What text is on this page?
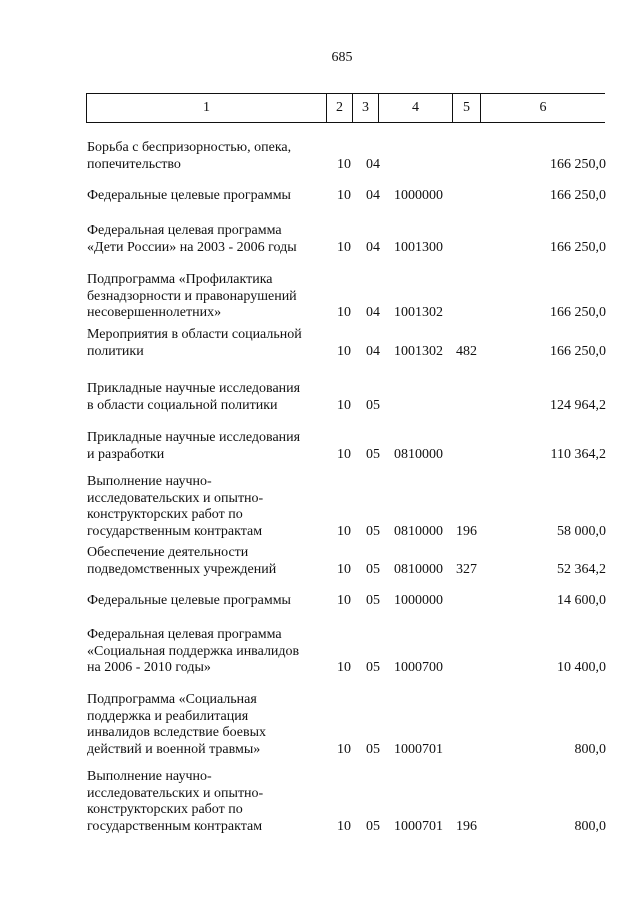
685
1	2	3	4	5	6
Борьба с беспризорностью, опека,
попечительство	10 04	166 250,0
Федеральные целевые программы	10 04 1000000	166 250,0
Федеральная целевая программа
«Дети России» на 2003 - 2006 годы	10 04 1001300	166 250,0
Подпрограмма «Профилактика
безнадзорности и правонарушений
несовершеннолетних»	10 04 1001302	166 250,0
Мероприятия в области социальной
политики	10 04 1001302 482	166 250,0
Прикладные научные исследования
в области социальной политики	10 05	124 964,2
Прикладные научные исследования
и разработки	10 05 0810000	110 364,2
Выполнение научно-
исследовательских и опытно-
конструкторских работ по
государственным контрактам	10 05 0810000 196	58 000,0
Обеспечение деятельности
подведомственных учреждений	10 05 0810000 327	52 364,2
Федеральные целевые программы	10 05 1000000	14 600,0
Федеральная целевая программа
«Социальная поддержка инвалидов
на 2006 - 2010 годы»	10 05 1000700	10 400,0
Подпрограмма «Социальная
поддержка и реабилитация
инвалидов вследствие боевых
действий и военной травмы»	10 05 1000701	800,0
Выполнение научно-
исследовательских и опытно-
конструкторских работ по
государственным контрактам	10 05 1000701 196	800,0
